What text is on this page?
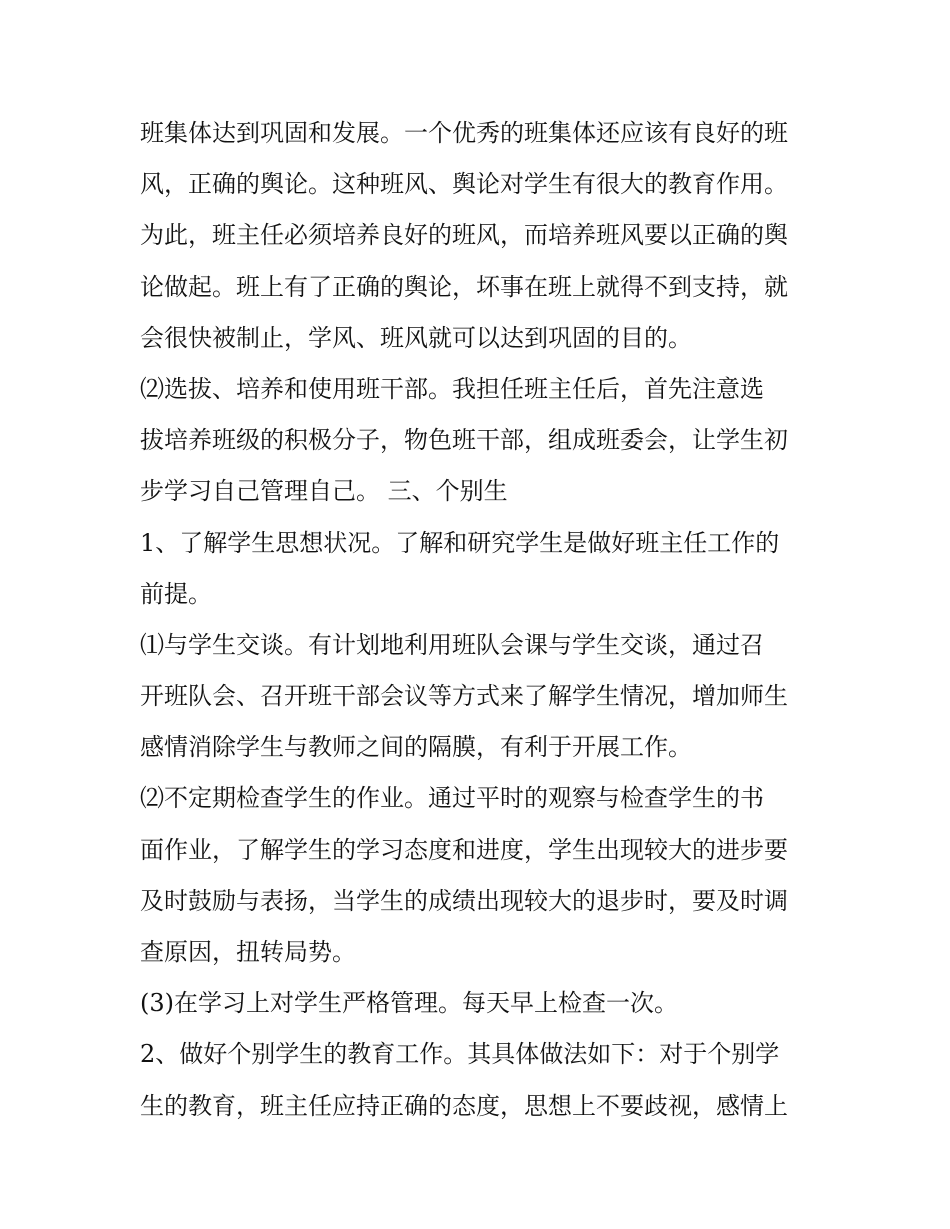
班集体达到巩固和发展。一个优秀的班集体还应该有良好的班
风，正确的舆论。这种班风、舆论对学生有很大的教育作用。
为此，班主任必须培养良好的班风，而培养班风要以正确的舆
论做起。班上有了正确的舆论，坏事在班上就得不到支持，就
会很快被制止，学风、班风就可以达到巩固的目的。
⑵选拔、培养和使用班干部。我担任班主任后，首先注意选
拔培养班级的积极分子，物色班干部，组成班委会，让学生初
步学习自己管理自己。 三、个别生
1、了解学生思想状况。了解和研究学生是做好班主任工作的
前提。
⑴与学生交谈。有计划地利用班队会课与学生交谈，通过召
开班队会、召开班干部会议等方式来了解学生情况，增加师生
感情消除学生与教师之间的隔膜，有利于开展工作。
⑵不定期检查学生的作业。通过平时的观察与检查学生的书
面作业，了解学生的学习态度和进度，学生出现较大的进步要
及时鼓励与表扬，当学生的成绩出现较大的退步时，要及时调
查原因，扭转局势。
(3)在学习上对学生严格管理。每天早上检查一次。
2、做好个别学生的教育工作。其具体做法如下：对于个别学
生的教育，班主任应持正确的态度，思想上不要歧视，感情上
